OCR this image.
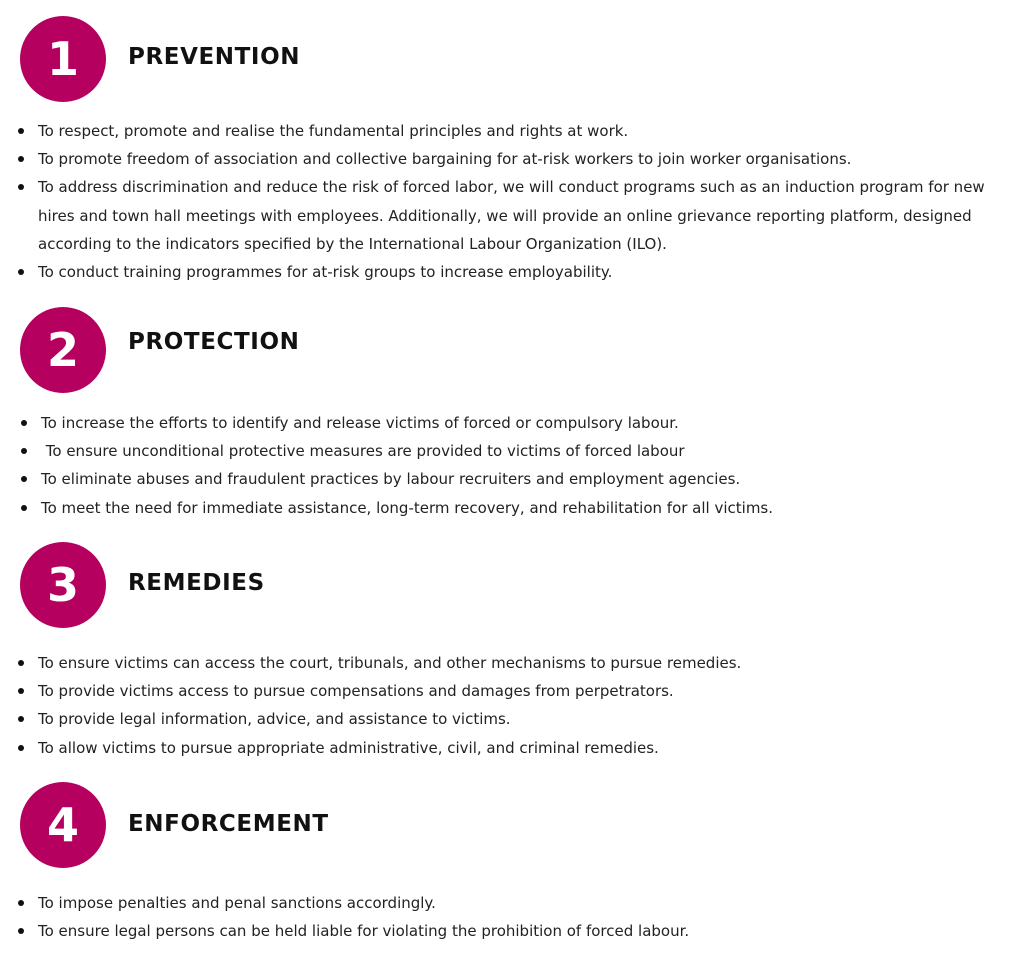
1	PREVENTION
To respect, promote and realise the fundamental principles and rights at work.
To promote freedom of association and collective bargaining for at-risk workers to join worker organisations.
To address discrimination and reduce the risk of forced labor, we will conduct programs such as an induction program for new hires and town hall meetings with employees. Additionally, we will provide an online grievance reporting platform, designed according to the indicators specified by the International Labour Organization (ILO).
To conduct training programmes for at-risk groups to increase employability.
2	PROTECTION
To increase the efforts to identify and release victims of forced or compulsory labour.
To ensure unconditional protective measures are provided to victims of forced labour
To eliminate abuses and fraudulent practices by labour recruiters and employment agencies.
To meet the need for immediate assistance, long-term recovery, and rehabilitation for all victims.
3	REMEDIES
To ensure victims can access the court, tribunals, and other mechanisms to pursue remedies.
To provide victims access to pursue compensations and damages from perpetrators.
To provide legal information, advice, and assistance to victims.
To allow victims to pursue appropriate administrative, civil, and criminal remedies.
4	ENFORCEMENT
To impose penalties and penal sanctions accordingly.
To ensure legal persons can be held liable for violating the prohibition of forced labour.
